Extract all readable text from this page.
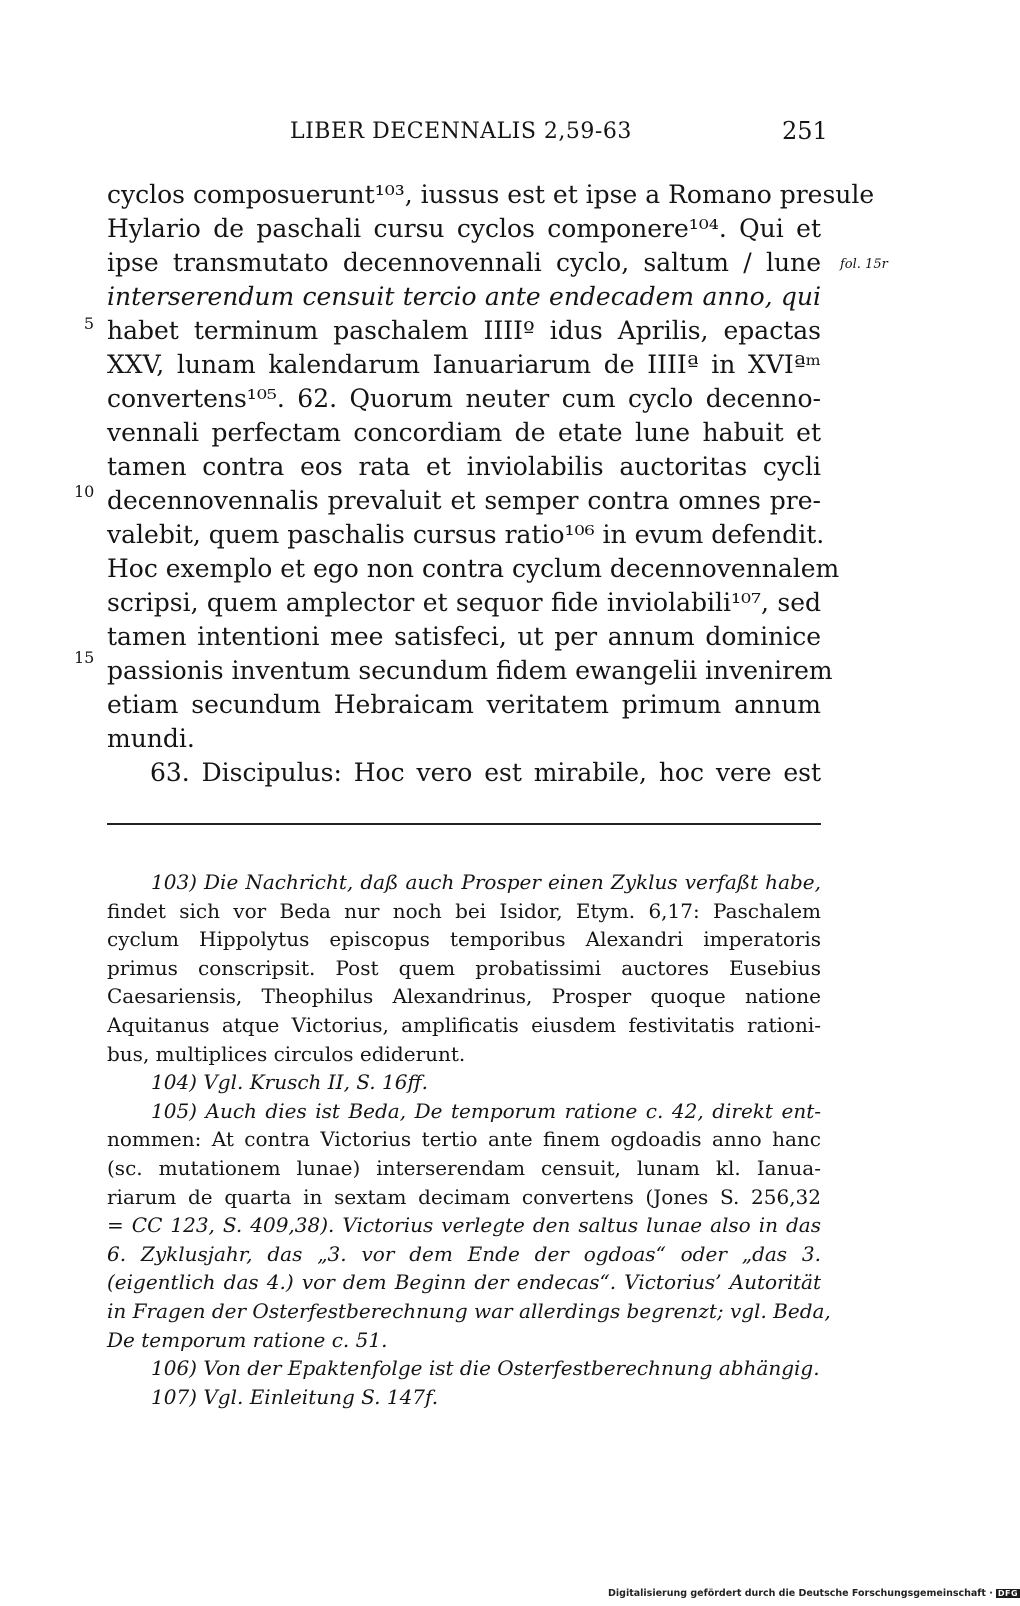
LIBER DECENNALIS 2,59-63	251
fol. 15r
5
10
15
cyclos composuerunt¹⁰³, iussus est et ipse a Romano presule
Hylario de paschali cursu cyclos componere¹⁰⁴. Qui et
ipse transmutato decennovennali cyclo, saltum / lune
interserendum censuit tercio ante endecadem anno, qui
habet terminum paschalem IIIIº idus Aprilis, epactas
XXV, lunam kalendarum Ianuariarum de IIIIª in XVIªᵐ
convertens¹⁰⁵. 62. Quorum neuter cum cyclo decenno-
vennali perfectam concordiam de etate lune habuit et
tamen contra eos rata et inviolabilis auctoritas cycli
decennovennalis prevaluit et semper contra omnes pre-
valebit, quem paschalis cursus ratio¹⁰⁶ in evum defendit.
Hoc exemplo et ego non contra cyclum decennovennalem
scripsi, quem amplector et sequor fide inviolabili¹⁰⁷, sed
tamen intentioni mee satisfeci, ut per annum dominice
passionis inventum secundum fidem ewangelii invenirem
etiam secundum Hebraicam veritatem primum annum
mundi.
63. Discipulus: Hoc vero est mirabile, hoc vere est
103) Die Nachricht, daß auch Prosper einen Zyklus verfaßt habe,
findet sich vor Beda nur noch bei Isidor, Etym. 6,17: Paschalem
cyclum Hippolytus episcopus temporibus Alexandri imperatoris
primus conscripsit. Post quem probatissimi auctores Eusebius
Caesariensis, Theophilus Alexandrinus, Prosper quoque natione
Aquitanus atque Victorius, amplificatis eiusdem festivitatis rationi-
bus, multiplices circulos ediderunt.
104) Vgl. Krusch II, S. 16ff.
105) Auch dies ist Beda, De temporum ratione c. 42, direkt ent-
nommen: At contra Victorius tertio ante finem ogdoadis anno hanc
(sc. mutationem lunae) interserendam censuit, lunam kl. Ianua-
riarum de quarta in sextam decimam convertens (Jones S. 256,32
= CC 123, S. 409,38). Victorius verlegte den saltus lunae also in das
6. Zyklusjahr, das „3. vor dem Ende der ogdoas“ oder „das 3.
(eigentlich das 4.) vor dem Beginn der endecas“. Victorius’ Autorität
in Fragen der Osterfestberechnung war allerdings begrenzt; vgl. Beda,
De temporum ratione c. 51.
106) Von der Epaktenfolge ist die Osterfestberechnung abhängig.
107) Vgl. Einleitung S. 147f.
Digitalisierung gefördert durch die Deutsche Forschungsgemeinschaft · DFG
